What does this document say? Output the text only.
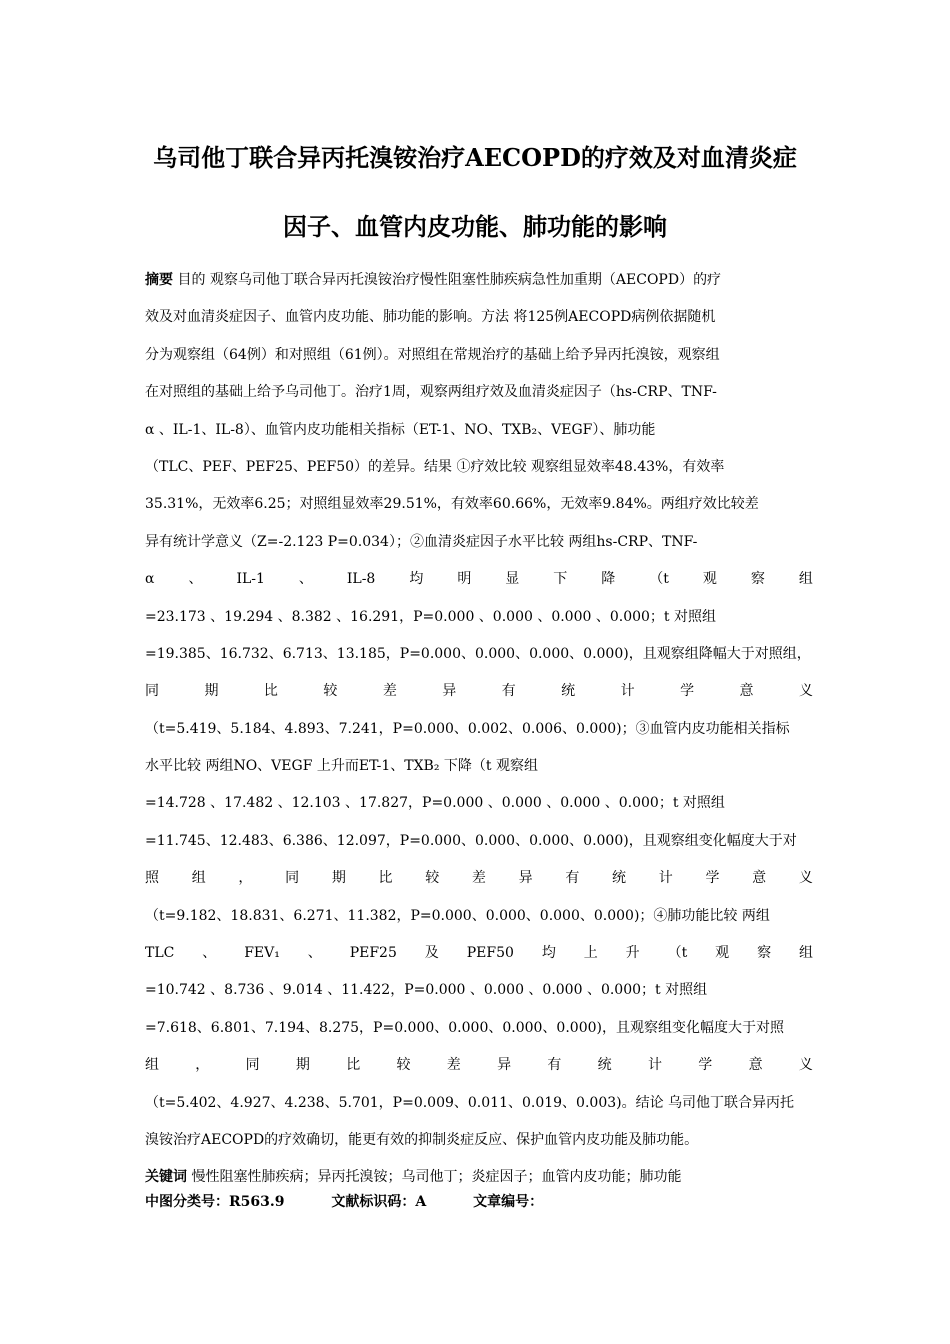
乌司他丁联合异丙托溴铵治疗AECOPD的疗效及对血清炎症
因子、血管内皮功能、肺功能的影响
摘要 目的 观察乌司他丁联合异丙托溴铵治疗慢性阻塞性肺疾病急性加重期（AECOPD）的疗
效及对血清炎症因子、血管内皮功能、肺功能的影响。方法 将125例AECOPD病例依据随机
分为观察组（64例）和对照组（61例）。对照组在常规治疗的基础上给予异丙托溴铵，观察组
在对照组的基础上给予乌司他丁。治疗1周，观察两组疗效及血清炎症因子（hs-CRP、TNF-
α 、IL-1、IL-8）、血管内皮功能相关指标（ET-1、NO、TXB₂、VEGF）、肺功能
（TLC、PEF、PEF25、PEF50）的差异。结果 ①疗效比较 观察组显效率48.43%，有效率
35.31%，无效率6.25；对照组显效率29.51%，有效率60.66%，无效率9.84%。两组疗效比较差
异有统计学意义（Z=-2.123 P=0.034）；②血清炎症因子水平比较 两组hs-CRP、TNF-
α 、 IL-1 、 IL-8 均 明 显 下 降 （t 观 察 组
=23.173 、19.294 、8.382 、16.291，P=0.000 、0.000 、0.000 、0.000；t 对照组
=19.385、16.732、6.713、13.185，P=0.000、0.000、0.000、0.000)，且观察组降幅大于对照组，
同	期	比	较	差	异	有	统	计	学	意	义
（t=5.419、5.184、4.893、7.241，P=0.000、0.002、0.006、0.000)；③血管内皮功能相关指标
水平比较 两组NO、VEGF 上升而ET-1、TXB₂ 下降（t 观察组
=14.728 、17.482 、12.103 、17.827，P=0.000 、0.000 、0.000 、0.000；t 对照组
=11.745、12.483、6.386、12.097，P=0.000、0.000、0.000、0.000)，且观察组变化幅度大于对
照 组 ， 同 期 比 较 差 异 有 统 计 学 意 义
（t=9.182、18.831、6.271、11.382，P=0.000、0.000、0.000、0.000)；④肺功能比较 两组
TLC 、 FEV₁ 、 PEF25 及 PEF50 均 上 升 （t 观 察 组
=10.742 、8.736 、9.014 、11.422，P=0.000 、0.000 、0.000 、0.000；t 对照组
=7.618、6.801、7.194、8.275，P=0.000、0.000、0.000、0.000)，且观察组变化幅度大于对照
组	，	同	期	比	较	差	异	有	统	计	学	意	义
（t=5.402、4.927、4.238、5.701，P=0.009、0.011、0.019、0.003)。结论 乌司他丁联合异丙托
溴铵治疗AECOPD的疗效确切，能更有效的抑制炎症反应、保护血管内皮功能及肺功能。
关键词 慢性阻塞性肺疾病；异丙托溴铵；乌司他丁；炎症因子；血管内皮功能；肺功能
中图分类号：R563.9	文献标识码：A	文章编号：
